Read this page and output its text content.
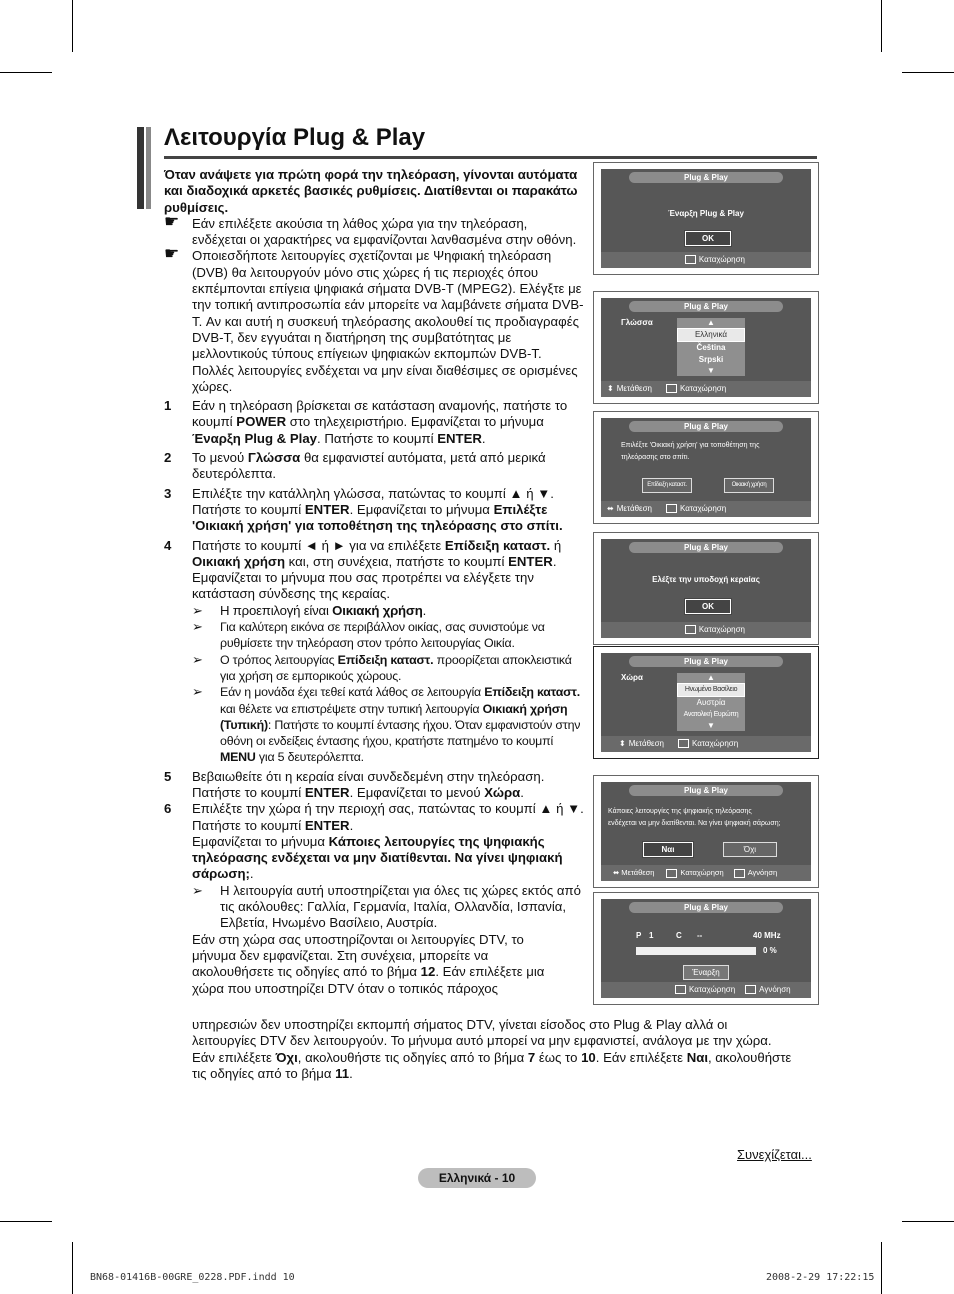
Λειτουργία Plug & Play

Όταν ανάψετε για πρώτη φορά την τηλεόραση, γίνονται αυτόματα και διαδοχικά αρκετές βασικές ρυθμίσεις. Διατίθενται οι παρακάτω ρυθμίσεις.

☛ Εάν επιλέξετε ακούσια τη λάθος χώρα για την τηλεόραση, ενδέχεται οι χαρακτήρες να εμφανίζονται λανθασμένα στην οθόνη.

☛ Οποιεσδήποτε λειτουργίες σχετίζονται με Ψηφιακή τηλεόραση (DVB) θα λειτουργούν μόνο στις χώρες ή τις περιοχές όπου εκπέμπονται επίγεια ψηφιακά σήματα DVB-T (MPEG2). Ελέγξτε με την τοπική αντιπροσωπία εάν μπορείτε να λαμβάνετε σήματα DVB-T. Αν και αυτή η συσκευή τηλεόρασης ακολουθεί τις προδιαγραφές DVB-T, δεν εγγυάται η διατήρηση της συμβατότητας με μελλοντικούς τύπους επίγειων ψηφιακών εκπομπών DVB-T. Πολλές λειτουργίες ενδέχεται να μην είναι διαθέσιμες σε ορισμένες χώρες.

1 Εάν η τηλεόραση βρίσκεται σε κατάσταση αναμονής, πατήστε το κουμπί POWER στο τηλεχειριστήριο. Εμφανίζεται το μήνυμα Έναρξη Plug & Play. Πατήστε το κουμπί ENTER.

2 Το μενού Γλώσσα θα εμφανιστεί αυτόματα, μετά από μερικά δευτερόλεπτα.

3 Επιλέξτε την κατάλληλη γλώσσα, πατώντας το κουμπί ▲ ή ▼. Πατήστε το κουμπί ENTER. Εμφανίζεται το μήνυμα Επιλέξτε 'Οικιακή χρήση' για τοποθέτηση της τηλεόρασης στο σπίτι.

4 Πατήστε το κουμπί ◄ ή ► για να επιλέξετε Επίδειξη καταστ. ή Οικιακή χρήση και, στη συνέχεια, πατήστε το κουμπί ENTER. Εμφανίζεται το μήνυμα που σας προτρέπει να ελέγξετε την κατάσταση σύνδεσης της κεραίας.

➢ Η προεπιλογή είναι Οικιακή χρήση.

➢ Για καλύτερη εικόνα σε περιβάλλον οικίας, σας συνιστούμε να ρυθμίσετε την τηλεόραση στον τρόπο λειτουργίας Οικία.

➢ Ο τρόπος λειτουργίας Επίδειξη καταστ. προορίζεται αποκλειστικά για χρήση σε εμπορικούς χώρους.

➢ Εάν η μονάδα έχει τεθεί κατά λάθος σε λειτουργία Επίδειξη καταστ. και θέλετε να επιστρέψετε στην τυπική λειτουργία Οικιακή χρήση (Τυπική): Πατήστε το κουμπί έντασης ήχου. Όταν εμφανιστούν στην οθόνη οι ενδείξεις έντασης ήχου, κρατήστε πατημένο το κουμπί MENU για 5 δευτερόλεπτα.

5 Βεβαιωθείτε ότι η κεραία είναι συνδεδεμένη στην τηλεόραση. Πατήστε το κουμπί ENTER. Εμφανίζεται το μενού Χώρα.

6 Επιλέξτε την χώρα ή την περιοχή σας, πατώντας το κουμπί ▲ ή ▼. Πατήστε το κουμπί ENTER.
Εμφανίζεται το μήνυμα Κάποιες λειτουργίες της ψηφιακής τηλεόρασης ενδέχεται να μην διατίθενται. Να γίνει ψηφιακή σάρωση;.

➢ Η λειτουργία αυτή υποστηρίζεται για όλες τις χώρες εκτός από τις ακόλουθες: Γαλλία, Γερμανία, Ιταλία, Ολλανδία, Ισπανία, Ελβετία, Ηνωμένο Βασίλειο, Αυστρία.

Εάν στη χώρα σας υποστηρίζονται οι λειτουργίες DTV, το μήνυμα δεν εμφανίζεται. Στη συνέχεια, μπορείτε να ακολουθήσετε τις οδηγίες από το βήμα 12. Εάν επιλέξετε μια χώρα που υποστηρίζει DTV όταν ο τοπικός πάροχος

υπηρεσιών δεν υποστηρίζει εκπομπή σήματος DTV, γίνεται είσοδος στο Plug & Play αλλά οι λειτουργίες DTV δεν λειτουργούν. Το μήνυμα αυτό μπορεί να μην εμφανιστεί, ανάλογα με την χώρα. Εάν επιλέξετε Όχι, ακολουθήστε τις οδηγίες από το βήμα 7 έως το 10. Εάν επιλέξετε Ναι, ακολουθήστε τις οδηγίες από το βήμα 11.

Plug & Play
Έναρξη Plug & Play
OK
Καταχώρηση
Plug & Play
Γλώσσα	▲
Ελληνικά
Čeština
Srpski
▼
⬍ Μετάθεση	Καταχώρηση
Plug & Play
Επιλέξτε 'Οικιακή χρήση' για τοποθέτηση της
τηλεόρασης στο σπίτι.
Επίδειξη καταστ.	Οικιακή χρήση
⬌ Μετάθεση	Καταχώρηση
Plug & Play
Ελέξτε την υποδοχή κεραίας
OK
Καταχώρηση
Plug & Play
Χώρα	▲
Ηνωμένο Βασίλειο
Αυστρία
Ανατολική Ευρώπη
▼
⬍ Μετάθεση	Καταχώρηση
Plug & Play
Κάποιες λειτουργίες της ψηφιακής τηλεόρασης
ενδέχεται να μην διατίθενται. Να γίνει ψηφιακή σάρωση;
Ναι	Όχι
⬌ Μετάθεση	Καταχώρηση	Αγνόηση
Plug & Play
P 1	C --	40 MHz
0 %
Έναρξη
Καταχώρηση	Αγνόηση
Συνεχίζεται...
Ελληνικά - 10
BN68-01416B-00GRE_0228.PDF.indd 10	2008-2-29 17:22:15
